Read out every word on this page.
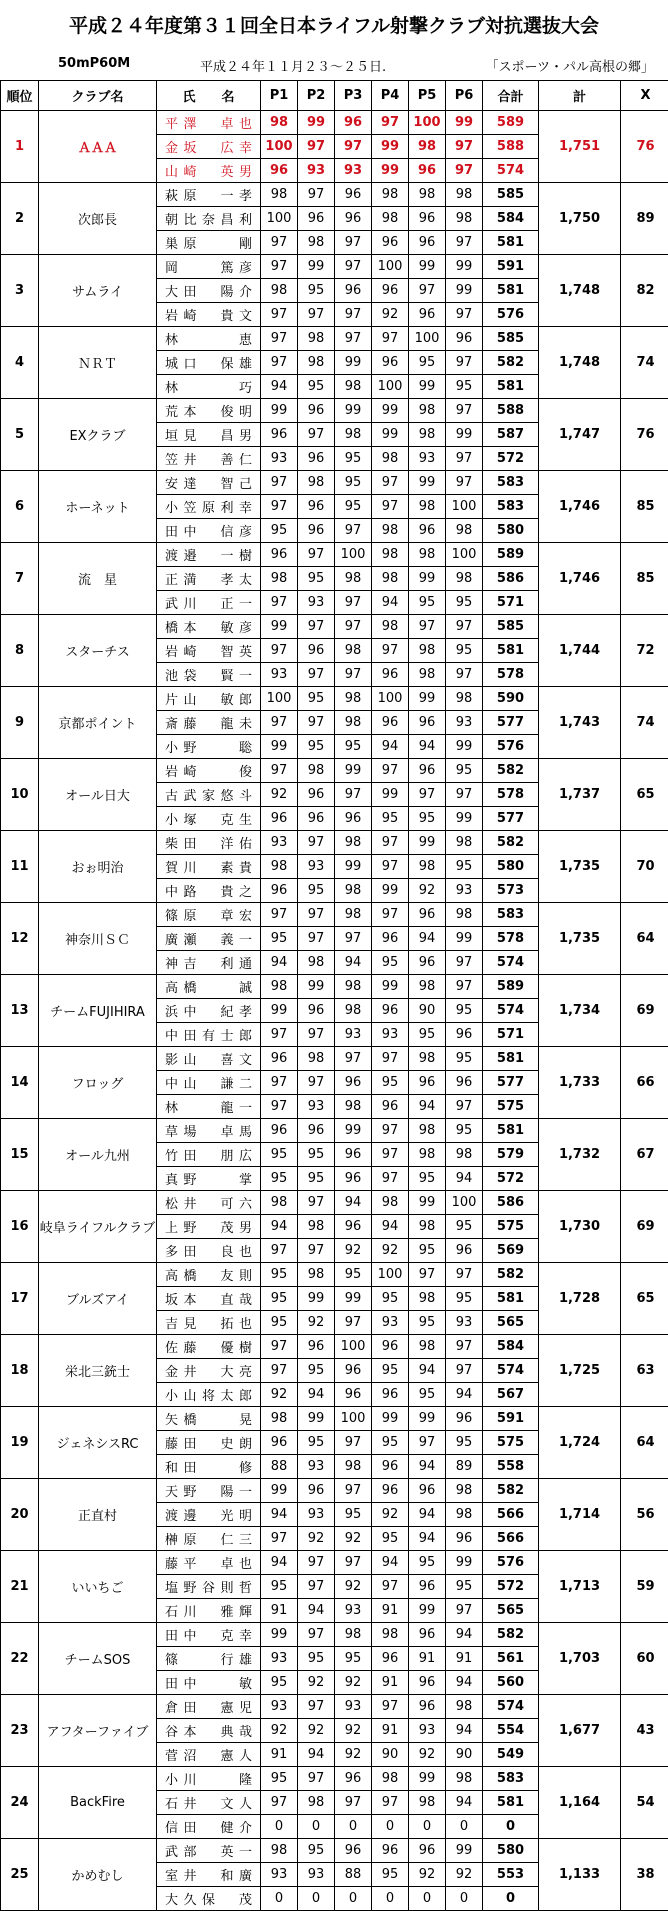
平成２４年度第３１回全日本ライフル射撃クラブ対抗選抜大会
50mP60M	平成２４年１１月２３～２５日.	「スポーツ・パル高根の郷」
順位	クラブ名	氏　　名	P1	P2	P3	P4	P5	P6	合計	計	X
1	ＡＡＡ	平澤　卓也	98	99	96	97	100	99	589	1,751	76
		金坂　広幸	100	97	97	99	98	97	588		
		山崎　英男	96	93	93	99	96	97	574		
2	次郎長	萩原　一孝	98	97	96	98	98	98	585	1,750	89
		朝比奈昌利	100	96	96	98	96	98	584		
		巣原　　剛	97	98	97	96	96	97	581		
3	サムライ	岡　　篤彦	97	99	97	100	99	99	591	1,748	82
		大田　陽介	98	95	96	96	97	99	581		
		岩崎　貴文	97	97	97	92	96	97	576		
4	ＮＲＴ	林　　恵	97	98	97	97	100	96	585	1,748	74
		城口　保雄	97	98	99	96	95	97	582		
		林　　巧	94	95	98	100	99	95	581		
5	EXクラブ	荒本　俊明	99	96	99	99	98	97	588	1,747	76
		垣見　昌男	96	97	98	99	98	99	587		
		笠井　善仁	93	96	95	98	93	97	572		
6	ホーネット	安達　智己	97	98	95	97	99	97	583	1,746	85
		小笠原利幸	97	96	95	97	98	100	583		
		田中　信彦	95	96	97	98	96	98	580		
7	流　星	渡邉　一樹	96	97	100	98	98	100	589	1,746	85
		正満　孝太	98	95	98	98	99	98	586		
		武川　正一	97	93	97	94	95	95	571		
8	スターチス	橋本　敏彦	99	97	97	98	97	97	585	1,744	72
		岩崎　智英	97	96	98	97	98	95	581		
		池袋　賢一	93	97	97	96	98	97	578		
9	京都ポイント	片山　敏郎	100	95	98	100	99	98	590	1,743	74
		斎藤　龍未	97	97	98	96	96	93	577		
		小野　　聡	99	95	95	94	94	99	576		
10	オール日大	岩崎　　俊	97	98	99	97	96	95	582	1,737	65
		古武家悠斗	92	96	97	99	97	97	578		
		小塚　克生	96	96	96	95	95	99	577		
11	おぉ明治	柴田　洋佑	93	97	98	97	99	98	582	1,735	70
		賀川　素貴	98	93	99	97	98	95	580		
		中路　貴之	96	95	98	99	92	93	573		
12	神奈川ＳＣ	篠原　章宏	97	97	98	97	96	98	583	1,735	64
		廣瀬　義一	95	97	97	96	94	99	578		
		神吉　利通	94	98	94	95	96	97	574		
13	チームFUJIHIRA	高橋　　誠	98	99	98	99	98	97	589	1,734	69
		浜中　紀孝	99	96	98	96	90	95	574		
		中田有士郎	97	97	93	93	95	96	571		
14	フロッグ	影山　喜文	96	98	97	97	98	95	581	1,733	66
		中山　謙二	97	97	96	95	96	96	577		
		林　　龍一	97	93	98	96	94	97	575		
15	オール九州	草場　卓馬	96	96	99	97	98	95	581	1,732	67
		竹田　朋広	95	95	96	97	98	98	579		
		真野　　掌	95	95	96	97	95	94	572		
16	岐阜ライフルクラブ	松井　可六	98	97	94	98	99	100	586	1,730	69
		上野　茂男	94	98	96	94	98	95	575		
		多田　良也	97	97	92	92	95	96	569		
17	ブルズアイ	高橋　友則	95	98	95	100	97	97	582	1,728	65
		坂本　直哉	95	99	99	95	98	95	581		
		吉見　拓也	95	92	97	93	95	93	565		
18	栄北三銃士	佐藤　優樹	97	96	100	96	98	97	584	1,725	63
		金井　大亮	97	95	96	95	94	97	574		
		小山将太郎	92	94	96	96	95	94	567		
19	ジェネシスRC	矢橋　　晃	98	99	100	99	99	96	591	1,724	64
		藤田　史朗	96	95	97	95	97	95	575		
		和田　　修	88	93	98	96	94	89	558		
20	正直村	天野　陽一	99	96	97	96	96	98	582	1,714	56
		渡邊　光明	94	93	95	92	94	98	566		
		榊原　仁三	97	92	92	95	94	96	566		
21	いいちご	藤平　卓也	94	97	97	94	95	99	576	1,713	59
		塩野谷則哲	95	97	92	97	96	95	572		
		石川　雅輝	91	94	93	91	99	97	565		
22	チームSOS	田中　克幸	99	97	98	98	96	94	582	1,703	60
		篠　　行雄	93	95	95	96	91	91	561		
		田中　　敏	95	92	92	91	96	94	560		
23	アフターファイブ	倉田　憲児	93	97	93	97	96	98	574	1,677	43
		谷本　典哉	92	92	92	91	93	94	554		
		菅沼　憲人	91	94	92	90	92	90	549		
24	BackFire	小川　　隆	95	97	96	98	99	98	583	1,164	54
		石井　文人	97	98	97	97	98	94	581		
		信田　健介	0	0	0	0	0	0	0		
25	かめむし	武部　英一	98	95	96	96	96	99	580	1,133	38
		室井　和廣	93	93	88	95	92	92	553		
		大久保　茂	0	0	0	0	0	0	0		
